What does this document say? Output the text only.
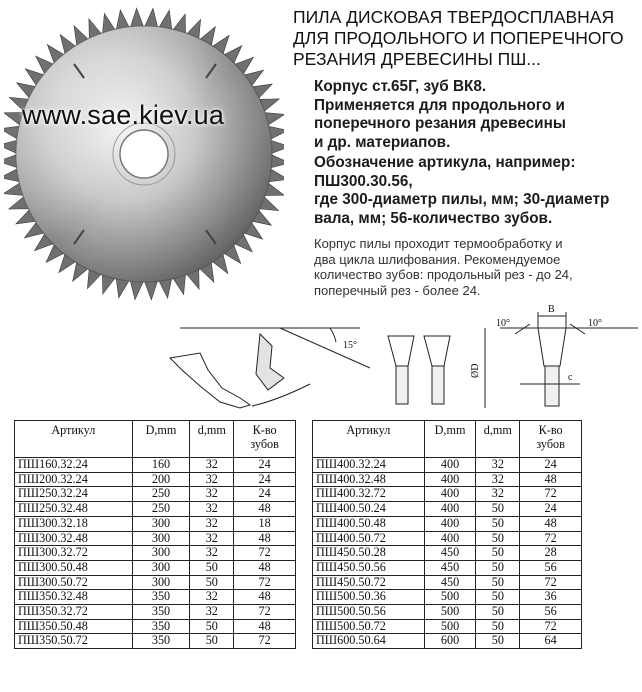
www.sae.kiev.ua
ПИЛА ДИСКОВАЯ ТВЕРДОСПЛАВНАЯ
ДЛЯ ПРОДОЛЬНОГО И ПОПЕРЕЧНОГО
РЕЗАНИЯ ДРЕВЕСИНЫ ПШ...
Корпус ст.65Г, зуб ВК8.
Применяется для продольного и
поперечного резания древесины
и др. материапов.
Обозначение артикула, например:
ПШ300.30.56,
где 300-диаметр пилы, мм; 30-диаметр
вала, мм; 56-количество зубов.
Корпус пилы проходит термообработку и
два цикла шлифования. Рекомендуемое
количество зубов: продольный рез - до 24,
поперечный рез - более 24.
15°
10°	10°
B
ØD	c
Артикул	D,mm	d,mm	К-во
зубов

ПШ160.32.24	160	32	24
ПШ200.32.24	200	32	24
ПШ250.32.24	250	32	24
ПШ250.32.48	250	32	48
ПШ300.32.18	300	32	18
ПШ300.32.48	300	32	48
ПШ300.32.72	300	32	72
ПШ300.50.48	300	50	48
ПШ300.50.72	300	50	72
ПШ350.32.48	350	32	48
ПШ350.32.72	350	32	72
ПШ350.50.48	350	50	48
ПШ350.50.72	350	50	72
Артикул	D,mm	d,mm	К-во
зубов

ПШ400.32.24	400	32	24
ПШ400.32.48	400	32	48
ПШ400.32.72	400	32	72
ПШ400.50.24	400	50	24
ПШ400.50.48	400	50	48
ПШ400.50.72	400	50	72
ПШ450.50.28	450	50	28
ПШ450.50.56	450	50	56
ПШ450.50.72	450	50	72
ПШ500.50.36	500	50	36
ПШ500.50.56	500	50	56
ПШ500.50.72	500	50	72
ПШ600.50.64	600	50	64
